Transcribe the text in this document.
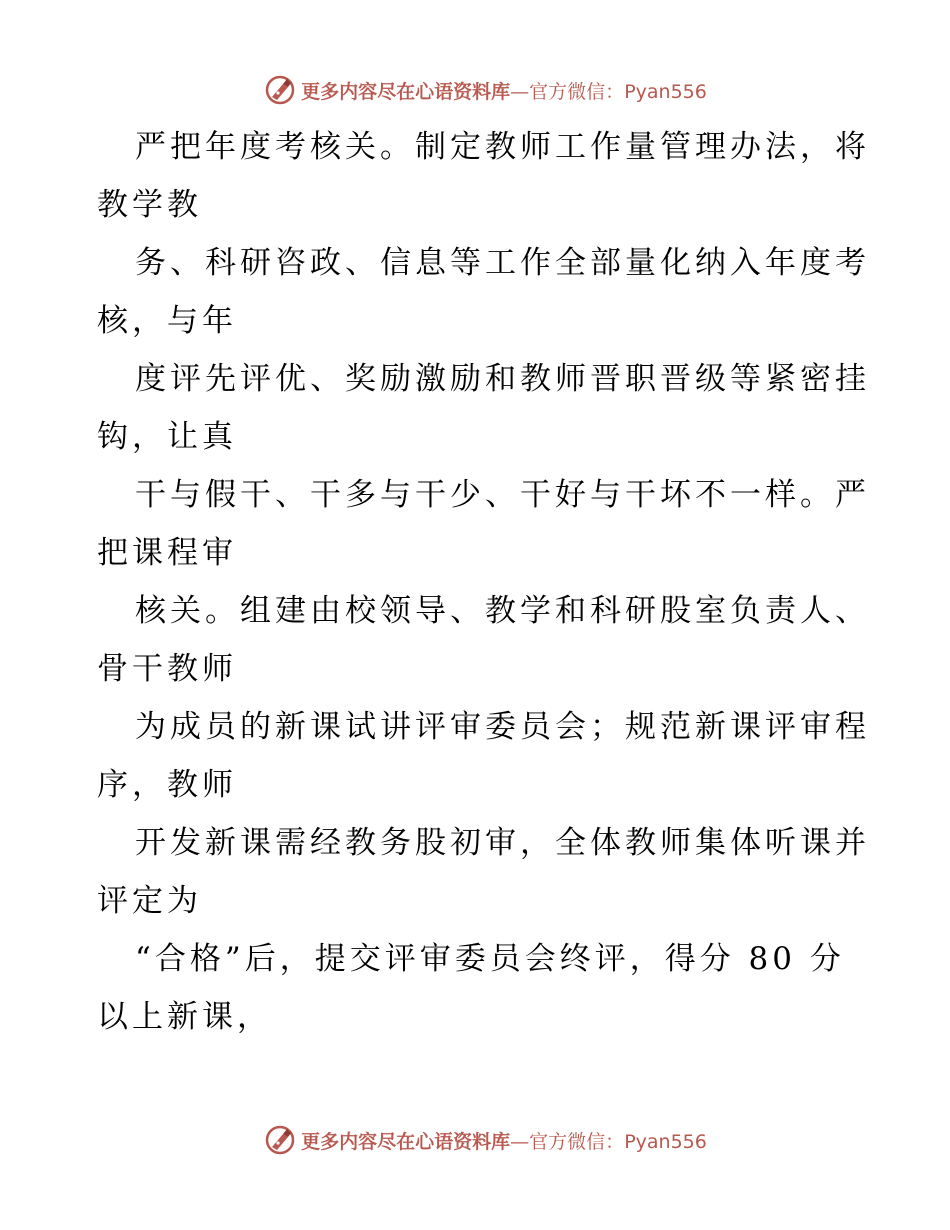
更多内容尽在心语资料库—官方微信：Pyan556

严把年度考核关。制定教师工作量管理办法，将
教学教

务、科研咨政、信息等工作全部量化纳入年度考
核，与年

度评先评优、奖励激励和教师晋职晋级等紧密挂
钩，让真

干与假干、干多与干少、干好与干坏不一样。严
把课程审

核关。组建由校领导、教学和科研股室负责人、
骨干教师

为成员的新课试讲评审委员会；规范新课评审程
序，教师

开发新课需经教务股初审，全体教师集体听课并
评定为

“合格”后，提交评审委员会终评，得分 80 分
以上新课，

更多内容尽在心语资料库—官方微信：Pyan556
